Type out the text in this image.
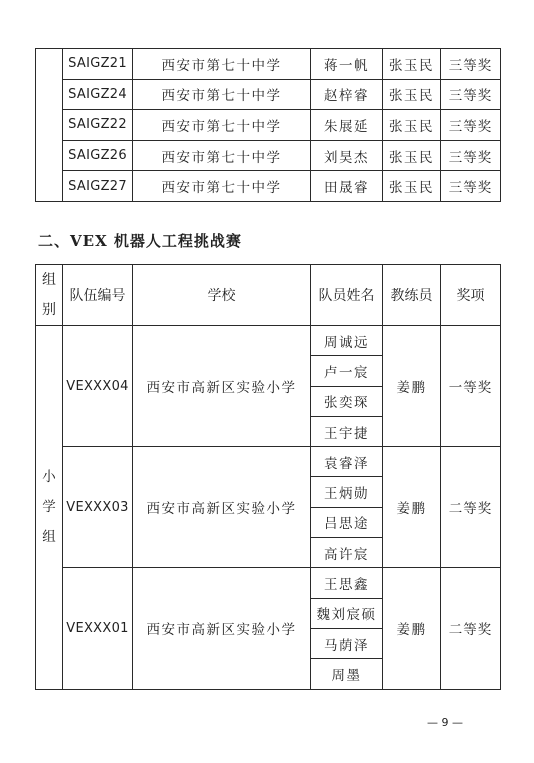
	SAIGZ21	西安市第七十中学	蒋一帆	张玉民	三等奖
	SAIGZ24	西安市第七十中学	赵梓睿	张玉民	三等奖
	SAIGZ22	西安市第七十中学	朱展延	张玉民	三等奖
	SAIGZ26	西安市第七十中学	刘昊杰	张玉民	三等奖
	SAIGZ27	西安市第七十中学	田晟睿	张玉民	三等奖
二、VEX 机器人工程挑战赛
组
别	队伍编号	学校	队员姓名	教练员	奖项

小
学
组	VEXXX04	西安市高新区实验小学	周诚远	姜鹏	一等奖
			卢一宸		
			张奕琛		
			王宇捷		
	VEXXX03	西安市高新区实验小学	袁睿泽	姜鹏	二等奖
			王炳勋		
			吕思途		
			高许宸		
	VEXXX01	西安市高新区实验小学	王思鑫	姜鹏	二等奖
			魏刘宸硕		
			马荫泽		
			周墨		
— 9 —
